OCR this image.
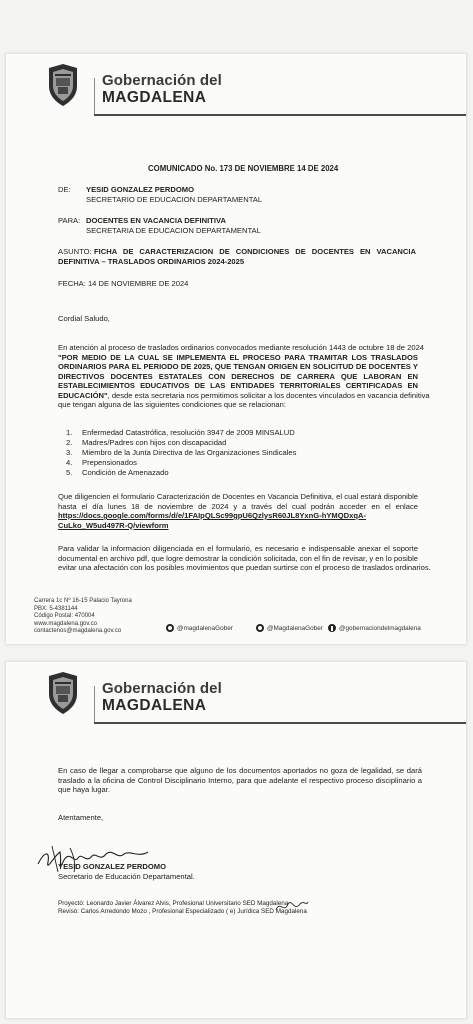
Gobernación del
MAGDALENA
COMUNICADO No. 173 DE NOVIEMBRE 14 DE 2024
DE: YESID GONZALEZ PERDOMO
SECRETARIO DE EDUCACION DEPARTAMENTAL
PARA: DOCENTES EN VACANCIA DEFINITIVA
SECRETARIA DE EDUCACION DEPARTAMENTAL
ASUNTO: FICHA DE CARACTERIZACION DE CONDICIONES DE DOCENTES EN VACANCIA
DEFINITIVA – TRASLADOS ORDINARIOS 2024-2025
FECHA: 14 DE NOVIEMBRE DE 2024
Cordial Saludo,
En atención al proceso de traslados ordinarios convocados mediante resolución 1443 de octubre 18 de 2024
"POR MEDIO DE LA CUAL SE IMPLEMENTA EL PROCESO PARA TRAMITAR LOS TRASLADOS
ORDINARIOS PARA EL PERIODO DE 2025, QUE TENGAN ORIGEN EN SOLICITUD DE DOCENTES Y
DIRECTIVOS DOCENTES ESTATALES CON DERECHOS DE CARRERA QUE LABORAN EN
ESTABLECIMIENTOS EDUCATIVOS DE LAS ENTIDADES TERRITORIALES CERTIFICADAS EN
EDUCACIÓN", desde esta secretaria nos permitimos solicitar a los docentes vinculados en vacancia definitiva
que tengan alguna de las siguientes condiciones que se relacionan:
1. Enfermedad Catastrófica, resolución 3947 de 2009 MINSALUD
2. Madres/Padres con hijos con discapacidad
3. Miembro de la Junta Directiva de las Organizaciones Sindicales
4. Prepensionados
5. Condición de Amenazado
Que diligencien el formulario Caracterización de Docentes en Vacancia Definitiva, el cual estará disponible
hasta el día lunes 18 de noviembre de 2024 y a través del cual podrán acceder en el enlace
https://docs.google.com/forms/d/e/1FAIpQLSc99gpU6QzlysR60JL8YxnG-hYMQDxqA-
CuLko_W5ud497R-Q/viewform
Para validar la informacion diligenciada en el formulario, es necesario e indispensable anexar el soporte
documental en archivo pdf, que logre demostrar la condición solicitada, con el fin de revisar, y en lo posible
evitar una afectación con los posibles movimientos que puedan surtirse con el proceso de traslados ordinarios.
Carrera 1c Nº 16-15 Palacio Tayrona
PBX: 5-4381144
Código Postal: 470004
www.magdalena.gov.co
contactenos@magdalena.gov.co	@magdalenaGober	@MagdalenaGober	@gobernaciondelmagdalena
Gobernación del
MAGDALENA
En caso de llegar a comprobarse que alguno de los documentos aportados no goza de legalidad, se dará
traslado a la oficina de Control Disciplinario Interno, para que adelante el respectivo proceso disciplinario a
que haya lugar.
Atentamente,
YESID GONZALEZ PERDOMO
Secretario de Educación Departamental.
Proyectó: Leonardo Javier Álvarez Alvis, Profesional Universitario SED Magdalena
Revisó: Carlos Arredondo Mozo , Profesional Especializado ( e) Jurídica SED Magdalena
